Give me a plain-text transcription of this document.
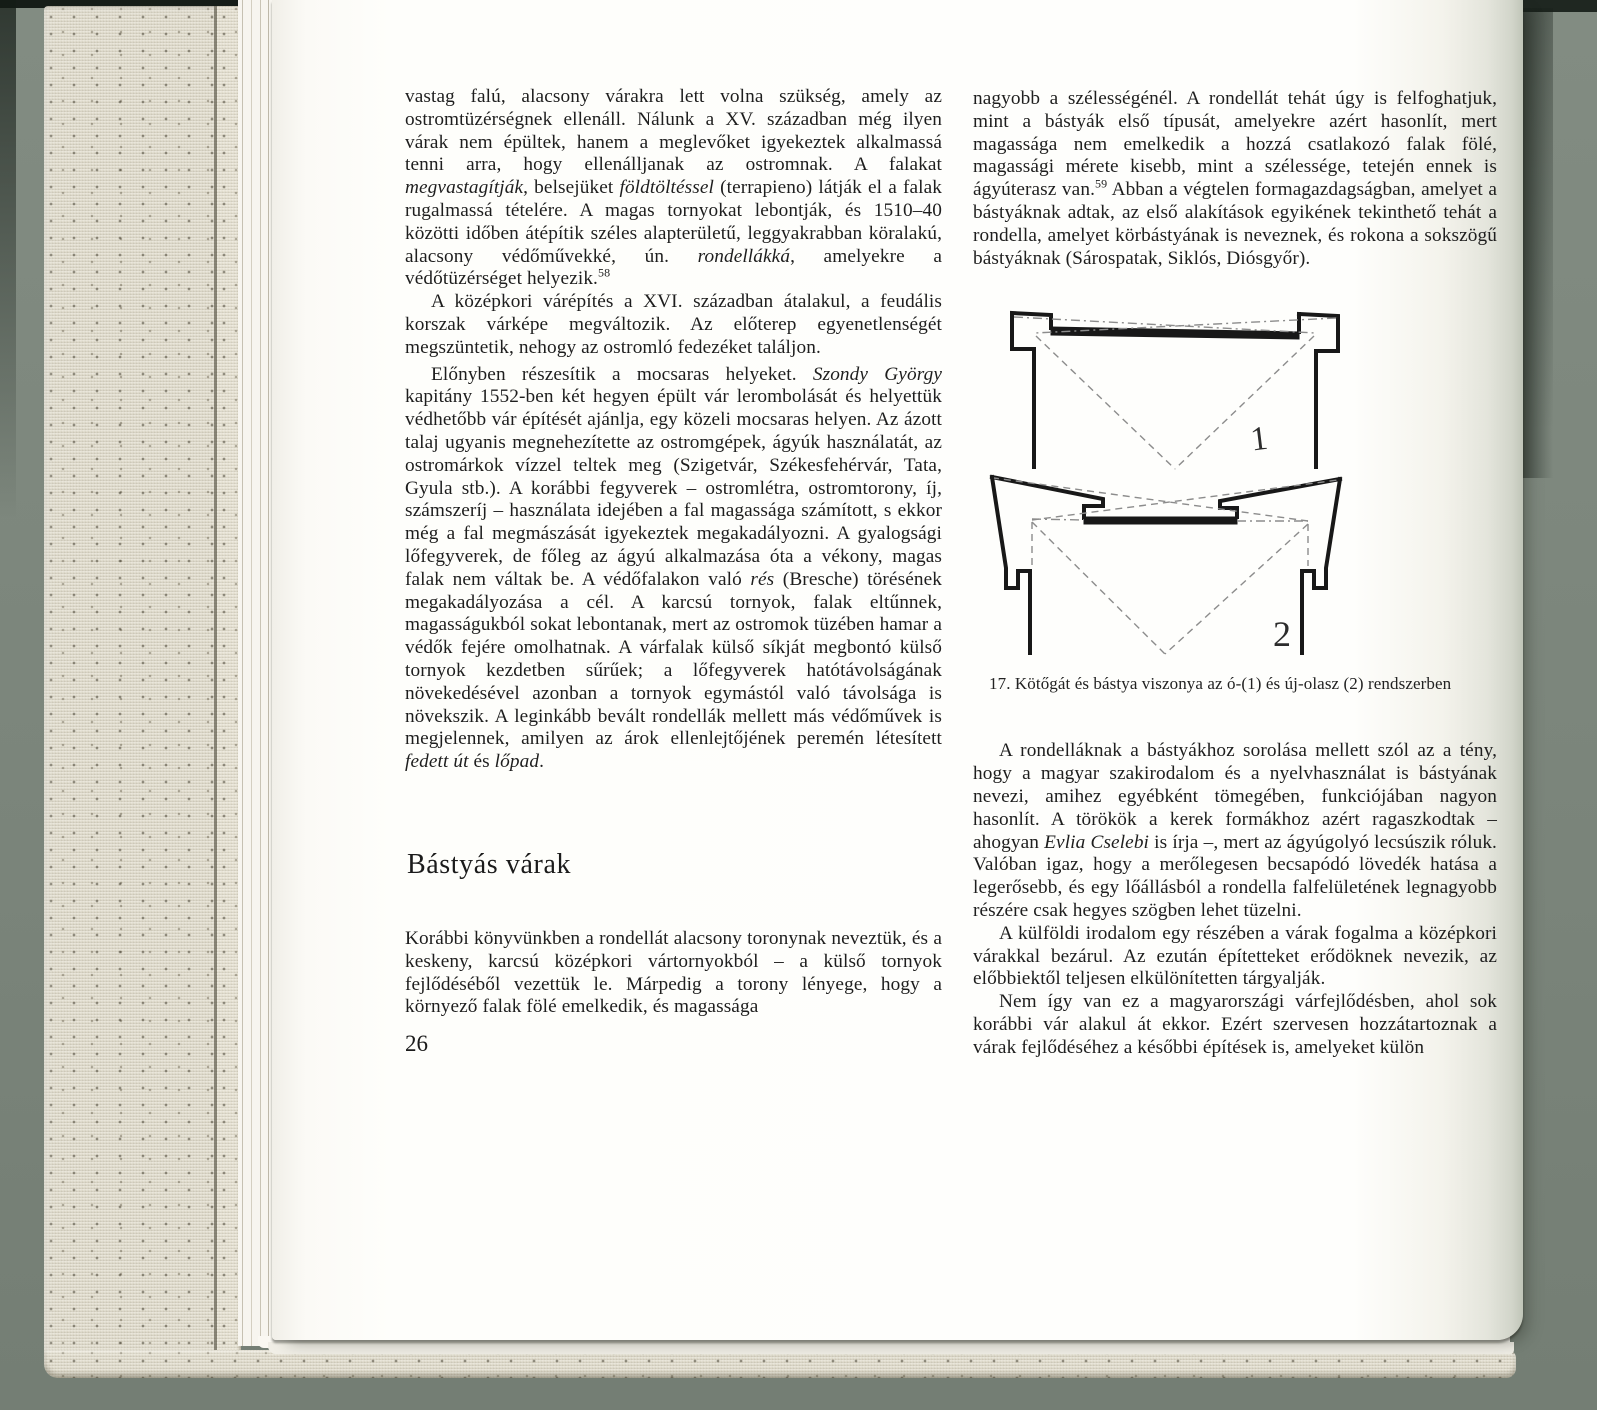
vastag falú, alacsony várakra lett volna szükség, amely az ostromtüzérségnek ellenáll. Nálunk a XV. században még ilyen várak nem épültek, hanem a meglevőket igyekeztek alkalmassá tenni arra, hogy ellenálljanak az ostromnak. A falakat megvastagítják, belsejüket földtöltéssel (terrapieno) látják el a falak rugalmassá tételére. A magas tornyokat lebontják, és 1510–40 közötti időben átépítik széles alapterületű, leggyakrabban köralakú, alacsony védőművekké, ún. rondellákká, amelyekre a védőtüzérséget helyezik.$^{58}$

A középkori várépítés a XVI. században átalakul, a feudális korszak várképe megváltozik. Az előterep egyenetlenségét megszüntetik, nehogy az ostromló fedezéket találjon.

Előnyben részesítik a mocsaras helyeket. Szondy György kapitány 1552-ben két hegyen épült vár lerombolását és helyettük védhetőbb vár építését ajánlja, egy közeli mocsaras helyen. Az ázott talaj ugyanis megnehezítette az ostromgépek, ágyúk használatát, az ostromárkok vízzel teltek meg (Szigetvár, Székesfehérvár, Tata, Gyula stb.). A korábbi fegyverek – ostromlétra, ostromtorony, íj, számszeríj – használata idejében a fal magassága számított, s ekkor még a fal megmászását igyekeztek megakadályozni. A gyalogsági lőfegyverek, de főleg az ágyú alkalmazása óta a vékony, magas falak nem váltak be. A védőfalakon való rés (Bresche) törésének megakadályozása a cél. A karcsú tornyok, falak eltűnnek, magasságukból sokat lebontanak, mert az ostromok tüzében hamar a védők fejére omolhatnak. A várfalak külső síkját megbontó külső tornyok kezdetben sűrűek; a lőfegyverek hatótávolságának növekedésével azonban a tornyok egymástól való távolsága is növekszik. A leginkább bevált rondellák mellett más védőművek is megjelennek, amilyen az árok ellenlejtőjének peremén létesített fedett út és lőpad.

Bástyás várak

Korábbi könyvünkben a rondellát alacsony toronynak neveztük, és a keskeny, karcsú középkori vártornyokból – a külső tornyok fejlődéséből vezettük le. Márpedig a torony lényege, hogy a környező falak fölé emelkedik, és magassága

26

nagyobb a szélességénél. A rondellát tehát úgy is felfoghatjuk, mint a bástyák első típusát, amelyekre azért hasonlít, mert magassága nem emelkedik a hozzá csatlakozó falak fölé, magassági mérete kisebb, mint a szélessége, tetején ennek is ágyúterasz van.$^{59}$ Abban a végtelen formagazdagságban, amelyet a bástyáknak adtak, az első alakítások egyikének tekinthető tehát a rondella, amelyet körbástyának is neveznek, és rokona a sokszögű bástyáknak (Sárospatak, Siklós, Diósgyőr).

1
2
17. Kötőgát és bástya viszonya az ó-(1) és új-olasz (2) rendszerben

A rondelláknak a bástyákhoz sorolása mellett szól az a tény, hogy a magyar szakirodalom és a nyelvhasználat is bástyának nevezi, amihez egyébként tömegében, funkciójában nagyon hasonlít. A törökök a kerek formákhoz azért ragaszkodtak – ahogyan Evlia Cselebi is írja –, mert az ágyúgolyó lecsúszik róluk. Valóban igaz, hogy a merőlegesen becsapódó lövedék hatása a legerősebb, és egy lőállásból a rondella falfelületének legnagyobb részére csak hegyes szögben lehet tüzelni.

A külföldi irodalom egy részében a várak fogalma a középkori várakkal bezárul. Az ezután építetteket erődöknek nevezik, az előbbiektől teljesen elkülönítetten tárgyalják.

Nem így van ez a magyarországi várfejlődésben, ahol sok korábbi vár alakul át ekkor. Ezért szervesen hozzátartoznak a várak fejlődéséhez a későbbi építések is, amelyeket külön
